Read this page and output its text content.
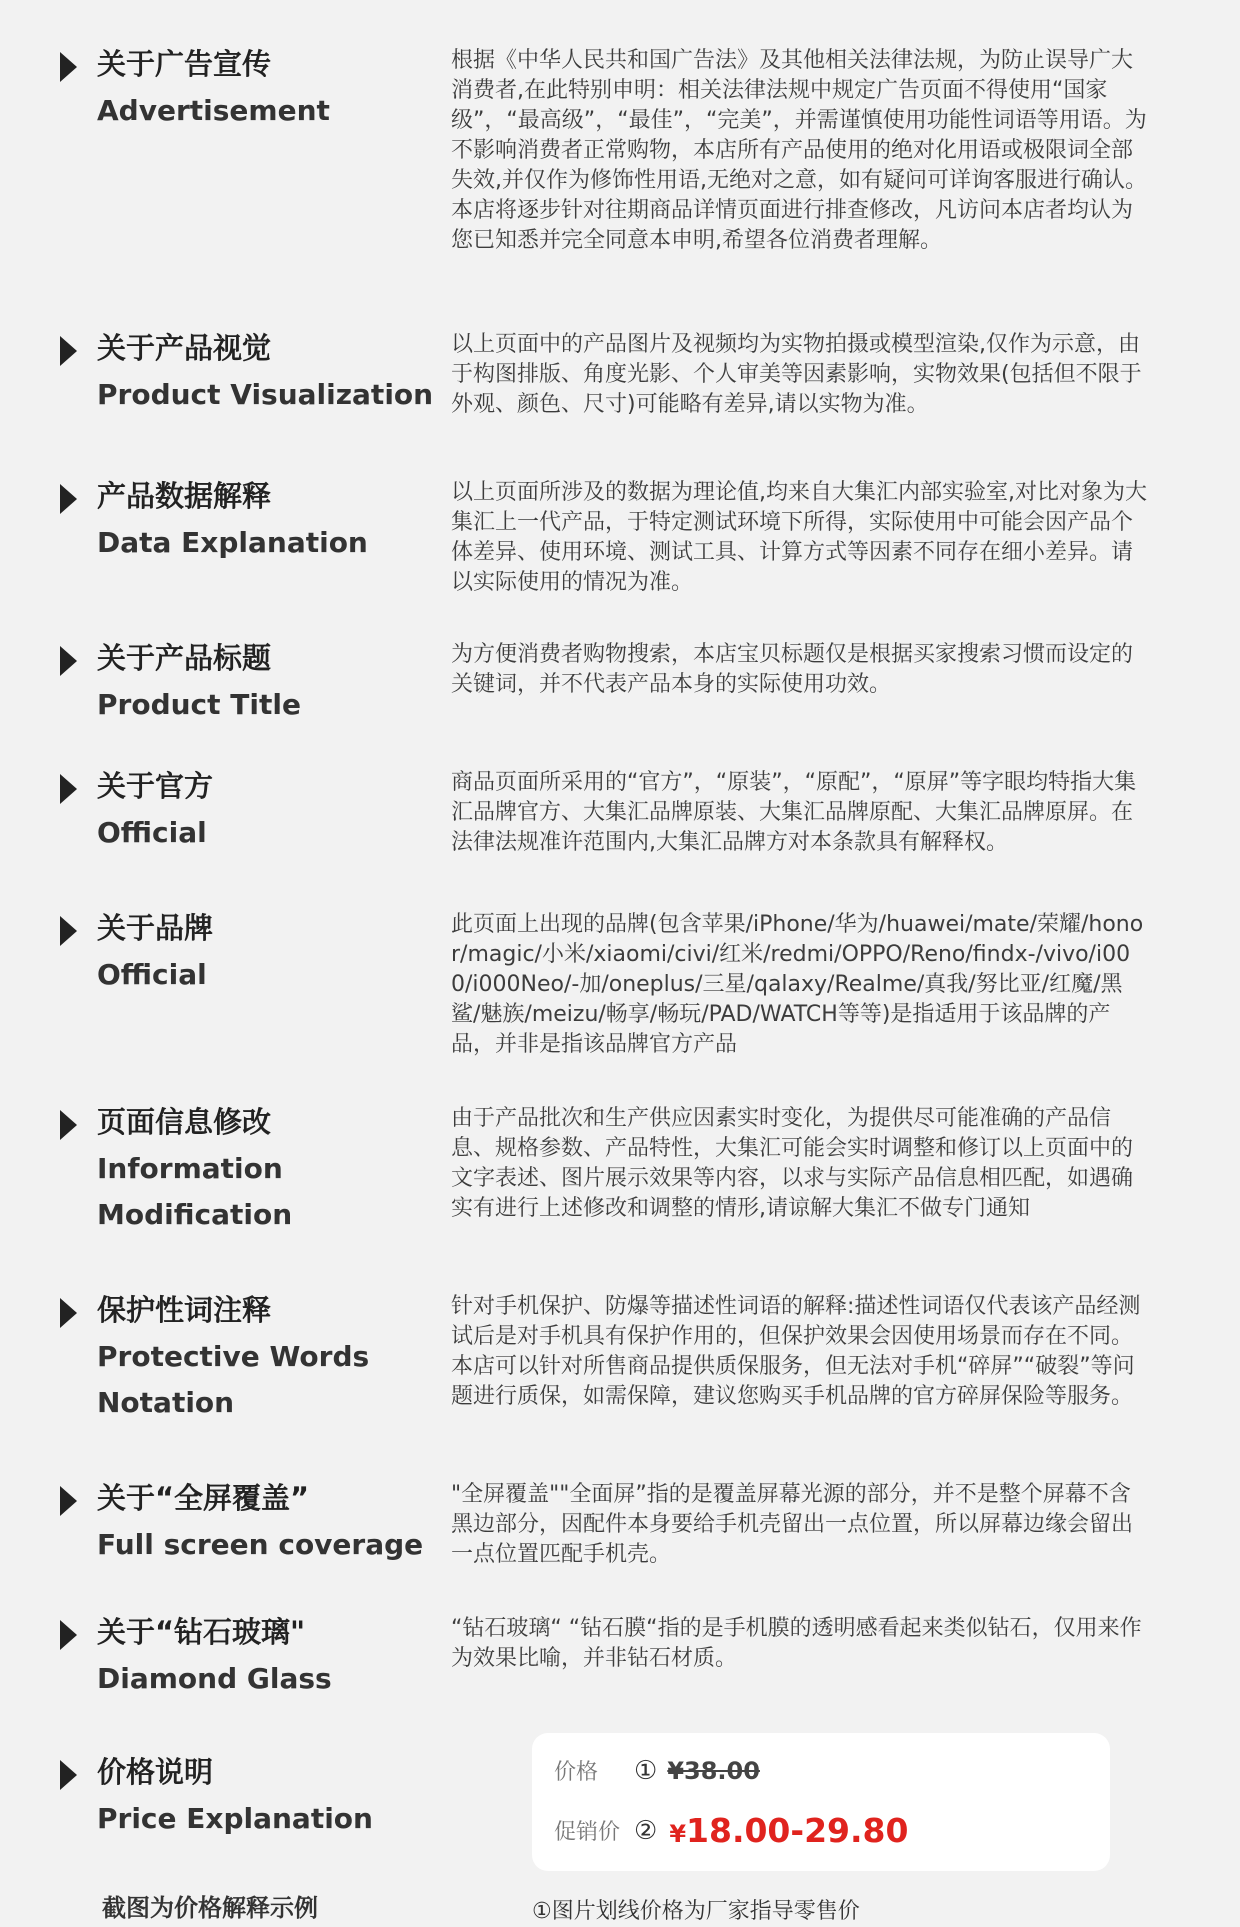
关于广告宣传
Advertisement

根据《中华人民共和国广告法》及其他相关法律法规，为防止误导广大消费者,在此特别申明：相关法律法规中规定广告页面不得使用“国家级”，“最高级”，“最佳”，“完美”，并需谨慎使用功能性词语等用语。为不影响消费者正常购物，本店所有产品使用的绝对化用语或极限词全部失效,并仅作为修饰性用语,无绝对之意，如有疑问可详询客服进行确认。

本店将逐步针对往期商品详情页面进行排查修改，凡访问本店者均认为您已知悉并完全同意本申明,希望各位消费者理解。

关于产品视觉
Product Visualization

以上页面中的产品图片及视频均为实物拍摄或模型渲染,仅作为示意，由于构图排版、角度光影、个人审美等因素影响，实物效果(包括但不限于外观、颜色、尺寸)可能略有差异,请以实物为准。

产品数据解释
Data Explanation

以上页面所涉及的数据为理论值,均来自大集汇内部实验室,对比对象为大集汇上一代产品，于特定测试环境下所得，实际使用中可能会因产品个体差异、使用环境、测试工具、计算方式等因素不同存在细小差异。请以实际使用的情况为准。

关于产品标题
Product Title

为方便消费者购物搜索，本店宝贝标题仅是根据买家搜索习惯而设定的关键词，并不代表产品本身的实际使用功效。

关于官方
Official

商品页面所采用的“官方”，“原装”，“原配”，“原屏”等字眼均特指大集汇品牌官方、大集汇品牌原装、大集汇品牌原配、大集汇品牌原屏。在法律法规准许范围内,大集汇品牌方对本条款具有解释权。

关于品牌
Official

此页面上出现的品牌(包含苹果/iPhone/华为/huawei/mate/荣耀/honor/magic/小米/xiaomi/civi/红米/redmi/OPPO/Reno/findx-/vivo/i000/i000Neo/-加/oneplus/三星/qalaxy/Realme/真我/努比亚/红魔/黑鲨/魅族/meizu/畅享/畅玩/PAD/WATCH等等)是指适用于该品牌的产品，并非是指该品牌官方产品

页面信息修改
Information
Modification

由于产品批次和生产供应因素实时变化，为提供尽可能准确的产品信息、规格参数、产品特性，大集汇可能会实时调整和修订以上页面中的文字表述、图片展示效果等内容，以求与实际产品信息相匹配，如遇确实有进行上述修改和调整的情形,请谅解大集汇不做专门通知

保护性词注释
Protective Words
Notation

针对手机保护、防爆等描述性词语的解释:描述性词语仅代表该产品经测试后是对手机具有保护作用的，但保护效果会因使用场景而存在不同。本店可以针对所售商品提供质保服务，但无法对手机“碎屏”“破裂”等问题进行质保，如需保障，建议您购买手机品牌的官方碎屏保险等服务。

关于“全屏覆盖”
Full screen coverage

"全屏覆盖""全面屏”指的是覆盖屏幕光源的部分，并不是整个屏幕不含黑边部分，因配件本身要给手机壳留出一点位置，所以屏幕边缘会留出一点位置匹配手机壳。

关于“钻石玻璃"
Diamond Glass

“钻石玻璃“ “钻石膜“指的是手机膜的透明感看起来类似钻石，仅用来作为效果比喻，并非钻石材质。

价格说明
Price Explanation
价格 ① ¥38.00
促销价 ② ¥18.00-29.80
截图为价格解释示例	①图片划线价格为厂家指导零售价
